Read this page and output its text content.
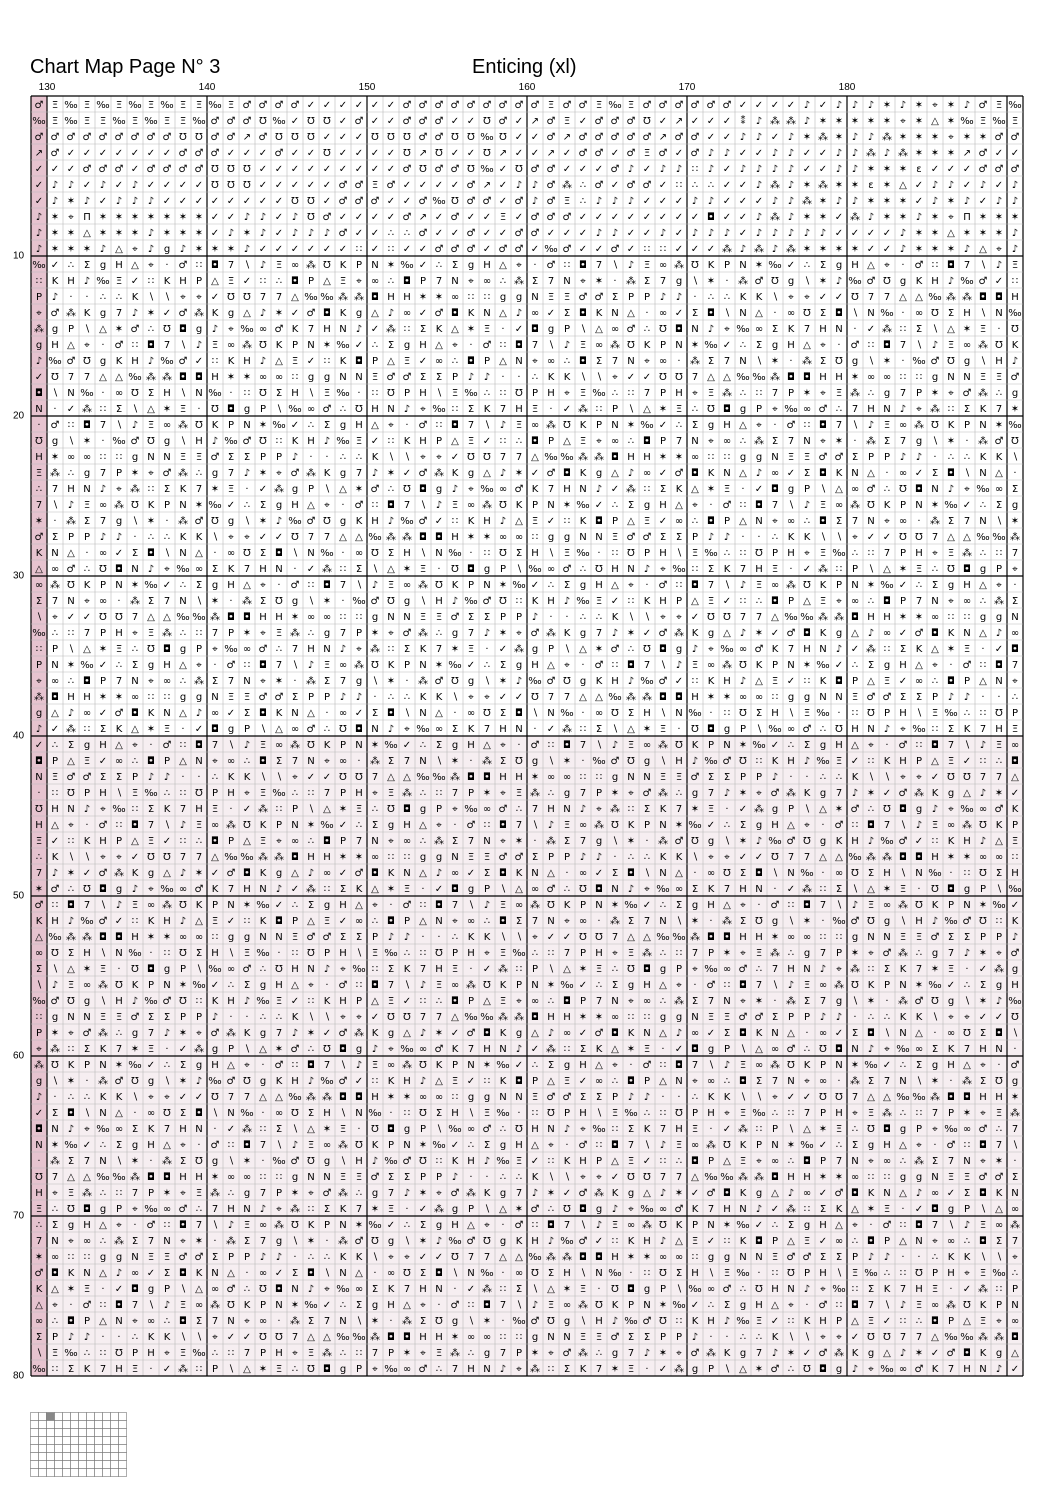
Chart Map Page N° 3	Enticing (xl)
130	140	150	160	170	180
10
20
30
40
50
60
70
80
♂ Ξ ‰ Ξ ‰ Ξ ‰ Ξ ‰ Ξ Ξ ‰ Ξ ♂ ♂ ♂ ♂ ✓ ✓ ✓ ✓ ✓ ✓ ♂ ♂ ♂ ♂ ♂ ♂ ♂ ♂ ♂ Ξ ♂ ♂ Ξ ‰ Ξ ♂ ♂ ♂ ♂ ♂ ♂ ✓ ✓ ✓ ✓ ♪ ✓ ♪ ♪ ♪ ✶ ♪ ✶ ⌖ ✶ ♪ ♂ Ξ ‰
‰ Ξ ‰ Ξ Ξ ‰ Ξ ‰ Ξ Ξ ‰ ♂ ♂ ♂ Ʊ ‰ ✓ Ʊ Ʊ ✓ ♂ ✓ ✓ ♂ ♂ ♂ ✓ ✓ Ʊ ♂ ✓ ↗ ♂ Ξ ✓ ♂ ♂ ♂ Ʊ ✓ ↗ ✓ ✓ ✓ ⁑ ♪ ⁂ ⁂ ♪ ✶ ✶ ✶ ✶ ✶ ⌖ ✶ △ ✶ ‰ Ξ ‰ Ξ
♂ ♂ ♂ ♂ ♂ ♂ ♂ ♂ ♂ Ʊ Ʊ ♂ ♂ ↗ ♂ Ʊ Ʊ Ʊ ✓ ✓ ✓ Ʊ Ʊ Ʊ ♂ ♂ Ʊ Ʊ ‰ Ʊ ✓ ✓ ♂ ↗ ♂ ♂ ♂ ♂ ♂ ↗ ♂ ♂ ✓ ✓ ♪ ♪ ✓ ♪ ✶ ⁂ ✶ ♪ ♪ ⁂ ✶ ✶ ✶ ⌖ ✶ ✶ ♂ ♂
↗ ♂ ✓ ✓ ✓ ✓ ✓ ✓ ✓ ♂ ♂ ♂ ✓ ✓ ✓ ♂ ✓ ✓ Ʊ ✓ ✓ ✓ ✓ Ʊ ↗ Ʊ ✓ ✓ Ʊ ↗ ✓ ✓ ↗ ✓ ♂ ♂ ✓ ♂ Ξ ♂ ✓ ♂ ♪ ♪ ✓ ✓ ♪ ♪ ✓ ✓ ♪ ♪ ⁂ ♪ ⁂ ✶ ✶ ✶ ↗ ♂ ✓ ✓
✓ ✓ ✓ ♂ ♂ ♂ ✓ ♂ ♂ ♂ ♂ Ʊ Ʊ Ʊ ✓ ✓ ✓ ✓ ✓ ✓ ✓ ✓ ✓ ♂ Ʊ ♂ ♂ Ʊ ‰ ✓ Ʊ ♂ ♂ ✓ ✓ ✓ ♂ ♪ ✓ ♪ ♪ ∷ ♪ ✓ ♪ ♪ ♪ ♪ ✓ ✓ ♪ ♪ ✶ ✶ ✶ ε ✓ ✓ ✓ ♂ ♂ ♂
✓ ♪ ♪ ✓ ♪ ✓ ♪ ✓ ✓ ✓ ✓ Ʊ Ʊ Ʊ ✓ ✓ ✓ ✓ ✓ ♂ ♂ Ξ ♂ ✓ ✓ ✓ ✓ ♂ ↗ ✓ ♪ ♪ ♂ ⁂ ∴ ♂ ✓ ♂ ♂ ✓ ∷ ∴ ∴ ✓ ✓ ♪ ⁂ ♪ ✶ ⁂ ✶ ✶ ε ✶ △ ✓ ♪ ♪ ✓ ♪ ✓ ♪
✓ ♪ ✶ ♪ ✓ ♪ ♪ ♪ ✓ ✓ ✓ ✓ ✓ ✓ ✓ ✓ Ʊ Ʊ ✓ ♂ ♂ ♂ ✓ ✓ ♂ ‰ Ʊ ♂ ♂ ✓ ♂ ♪ ♂ Ξ ∴ ♪ ♪ ♪ ✓ ✓ ✓ ♪ ♪ ✓ ✓ ✓ ♪ ♪ ⁂ ✶ ♪ ♪ ✶ ✶ ✶ ✓ ♪ ✶ ♪ ✓ ♪ ♪
♪ ✶ ⌖ Π ✶ ✶ ✶ ✶ ✶ ✶ ✶ ✓ ✓ ♪ ♪ ✓ ♪ Ʊ ♂ ✓ ✓ ✓ ✓ ♂ ↗ ✓ ♂ ✓ ✓ Ξ ✓ ♂ ♂ ♂ ✓ ✓ ✓ ✓ ✓ ✓ ✓ ✓ ◘ ✓ ✓ ♪ ⁂ ♪ ✶ ✶ ✓ ⁂ ♪ ✶ ✶ ♪ ✶ ⌖ Π ✶ ✶ ✶
♪ ✶ ✶ △ ✶ ✶ ✶ ♪ ✶ ✶ ✶ ✓ ♪ ✶ ♪ ✓ ♪ ♪ ♪ ♂ ✓ ✓ ∴ ∴ ♂ ✓ ✓ ♂ ✓ ✓ ♂ ♂ ✓ ✓ ✓ ♪ ♪ ✓ ✓ ♪ ✓ ♪ ♪ ♪ ✓ ♪ ♪ ♪ ♪ ♪ ✓ ✓ ✓ ✓ ♪ ✶ ✶ △ ✶ ✶ ✶ ♪
♪ ✶ ✶ ✶ ♪ △ ⌖ ♪ g ♪ ✶ ✶ ✶ ♪ ✓ ✓ ✓ ✓ ✓ ✓ ∷ ✓ ∷ ✓ ✓ ♂ ♂ ♂ ✓ ♂ ♂ ✓ ‰ ♂ ✓ ✓ ♂ ✓ ∷ ∷ ✓ ✓ ✓ ⁂ ♪ ⁂ ♪ ⁂ ✶ ✶ ✶ ✶ ✓ ✓ ♪ ✶ ✶ ✶ ♪ △ ⌖ ♪
‰ ✓ ∴ Σ g H △ ⌖ · ♂ ∷ ◘ 7 ∖ ♪ Ξ ∞ ⁂ Ʊ K P N ✶ ‰ ✓ ∴ Σ g H △ ⌖ · ♂ ∷ ◘ 7 ∖ ♪ Ξ ∞ ⁂ Ʊ K P N ✶ ‰ ✓ ∴ Σ g H △ ⌖ · ♂ ∷ ◘ 7 ∖ ♪ Ξ
∷ K H ♪ ‰ Ξ ✓ ∷ K H P △ Ξ ✓ ∷ ∴ ◘ P △ Ξ ⌖ ∞ ∴ ◘ P 7 N ⌖ ∞ ∴ ⁂ Σ 7 N ⌖ ✶ · ⁂ Σ 7 g ∖ ✶ · ⁂ ♂ Ʊ g ∖ ✶ ♪ ‰ ♂ Ʊ g K H ♪ ‰ ♂ ✓ ∷
P ♪ · · ∴ ∴ K ∖ ∖ ⌖ ⌖ ✓ Ʊ Ʊ 7 7 △ ‰ ‰ ⁂ ⁂ ◘ H H ✶ ✶ ∞ ∷ ∷ g g N Ξ Ξ ♂ ♂ Σ P P ♪ ♪ · ∴ ∴ K K ∖ ⌖ ⌖ ✓ ✓ Ʊ 7 7 △ △ ‰ ⁂ ⁂ ◘ ◘ H
⌖ ♂ ⁂ K g 7 ♪ ✶ ✓ ♂ ⁂ K g △ ♪ ✶ ✓ ♂ ◘ K g △ ♪ ∞ ✓ ♂ ◘ K N △ ♪ ∞ ✓ Σ ◘ K N △ · ∞ ✓ Σ ◘ ∖ N △ · ∞ Ʊ Σ ◘ ∖ N ‰ · ∞ Ʊ Σ H ∖ N ‰
⁂ g P ∖ △ ✶ ♂ ∴ Ʊ ◘ g ♪ ⌖ ‰ ∞ ♂ K 7 H N ♪ ✓ ⁂ ∷ Σ K △ ✶ Ξ · ✓ ◘ g P ∖ △ ∞ ♂ ∴ Ʊ ◘ N ♪ ⌖ ‰ ∞ Σ K 7 H N · ✓ ⁂ ∷ Σ ∖ △ ✶ Ξ · Ʊ
g H △ ⌖ · ♂ ∷ ◘ 7 ∖ ♪ Ξ ∞ ⁂ Ʊ K P N ✶ ‰ ✓ ∴ Σ g H △ ⌖ · ♂ ∷ ◘ 7 ∖ ♪ Ξ ∞ ⁂ Ʊ K P N ✶ ‰ ✓ ∴ Σ g H △ ⌖ · ♂ ∷ ◘ 7 ∖ ♪ Ξ ∞ ⁂ Ʊ K
♪ ‰ ♂ Ʊ g K H ♪ ‰ ♂ ✓ ∷ K H ♪ △ Ξ ✓ ∷ K ◘ P △ Ξ ✓ ∞ ∴ ◘ P △ N ⌖ ∞ ∴ ◘ Σ 7 N ⌖ ∞ · ⁂ Σ 7 N ∖ ✶ · ⁂ Σ Ʊ g ∖ ✶ · ‰ ♂ Ʊ g ∖ H ♪
✓ Ʊ 7 7 △ △ ‰ ⁂ ⁂ ◘ ◘ H ✶ ✶ ∞ ∞ ∷ g g N N Ξ ♂ ♂ Σ Σ P ♪ ♪ · · ∴ K K ∖ ∖ ⌖ ✓ ✓ Ʊ Ʊ 7 △ △ ‰ ‰ ⁂ ◘ ◘ H H ✶ ∞ ∞ ∷ ∷ g N N Ξ Ξ ♂
◘ ∖ N ‰ · ∞ Ʊ Σ H ∖ N ‰ · ∷ Ʊ Σ H ∖ Ξ ‰ · ∷ Ʊ P H ∖ Ξ ‰ ∴ ∷ Ʊ P H ⌖ Ξ ‰ ∴ ∷ 7 P H ⌖ Ξ ⁂ ∴ ∷ 7 P ✶ ⌖ Ξ ⁂ ∴ g 7 P ✶ ⌖ ♂ ⁂ ∴ g
N · ✓ ⁂ ∷ Σ ∖ △ ✶ Ξ · Ʊ ◘ g P ∖ ‰ ∞ ♂ ∴ Ʊ H N ♪ ⌖ ‰ ∷ Σ K 7 H Ξ · ✓ ⁂ ∷ P ∖ △ ✶ Ξ ∴ Ʊ ◘ g P ⌖ ‰ ∞ ♂ ∴ 7 H N ♪ ⌖ ⁂ ∷ Σ K 7 ✶
· ♂ ∷ ◘ 7 ∖ ♪ Ξ ∞ ⁂ Ʊ K P N ✶ ‰ ✓ ∴ Σ g H △ ⌖ · ♂ ∷ ◘ 7 ∖ ♪ Ξ ∞ ⁂ Ʊ K P N ✶ ‰ ✓ ∴ Σ g H △ ⌖ · ♂ ∷ ◘ 7 ∖ ♪ Ξ ∞ ⁂ Ʊ K P N ✶ ‰
Ʊ g ∖ ✶ · ‰ ♂ Ʊ g ∖ H ♪ ‰ ♂ Ʊ ∷ K H ♪ ‰ Ξ ✓ ∷ K H P △ Ξ ✓ ∷ ∴ ◘ P △ Ξ ⌖ ∞ ∴ ◘ P 7 N ⌖ ∞ ∴ ⁂ Σ 7 N ⌖ ✶ · ⁂ Σ 7 g ∖ ✶ · ⁂ ♂ Ʊ
H ✶ ∞ ∞ ∷ ∷ g N N Ξ Ξ ♂ Σ Σ P P ♪ · · ∴ ∴ K ∖ ∖ ⌖ ⌖ ✓ Ʊ Ʊ 7 7 △ ‰ ‰ ⁂ ⁂ ◘ H H ✶ ✶ ∞ ∷ ∷ g g N Ξ Ξ ♂ ♂ Σ P P ♪ ♪ · ∴ ∴ K K ∖
Ξ ⁂ ∴ g 7 P ✶ ⌖ ♂ ⁂ ∴ g 7 ♪ ✶ ⌖ ♂ ⁂ K g 7 ♪ ✶ ✓ ♂ ⁂ K g △ ♪ ✶ ✓ ♂ ◘ K g △ ♪ ∞ ✓ ♂ ◘ K N △ ♪ ∞ ✓ Σ ◘ K N △ · ∞ ✓ Σ ◘ ∖ N △ ·
∴ 7 H N ♪ ⌖ ⁂ ∷ Σ K 7 ✶ Ξ · ✓ ⁂ g P ∖ △ ✶ ♂ ∴ Ʊ ◘ g ♪ ⌖ ‰ ∞ ♂ K 7 H N ♪ ✓ ⁂ ∷ Σ K △ ✶ Ξ · ✓ ◘ g P ∖ △ ∞ ♂ ∴ Ʊ ◘ N ♪ ⌖ ‰ ∞ Σ
7 ∖ ♪ Ξ ∞ ⁂ Ʊ K P N ✶ ‰ ✓ ∴ Σ g H △ ⌖ · ♂ ∷ ◘ 7 ∖ ♪ Ξ ∞ ⁂ Ʊ K P N ✶ ‰ ✓ ∴ Σ g H △ ⌖ · ♂ ∷ ◘ 7 ∖ ♪ Ξ ∞ ⁂ Ʊ K P N ✶ ‰ ✓ ∴ Σ g
✶ · ⁂ Σ 7 g ∖ ✶ · ⁂ ♂ Ʊ g ∖ ✶ ♪ ‰ ♂ Ʊ g K H ♪ ‰ ♂ ✓ ∷ K H ♪ △ Ξ ✓ ∷ K ◘ P △ Ξ ✓ ∞ ∴ ◘ P △ N ⌖ ∞ ∴ ◘ Σ 7 N ⌖ ∞ · ⁂ Σ 7 N ∖ ✶
♂ Σ P P ♪ ♪ · ∴ ∴ K K ∖ ⌖ ⌖ ✓ ✓ Ʊ 7 7 △ △ ‰ ⁂ ⁂ ◘ ◘ H ✶ ✶ ∞ ∞ ∷ g g N N Ξ ♂ ♂ Σ Σ P ♪ ♪ · · ∴ K K ∖ ∖ ⌖ ✓ ✓ Ʊ Ʊ 7 △ △ ‰ ‰ ⁂
K N △ · ∞ ✓ Σ ◘ ∖ N △ · ∞ Ʊ Σ ◘ ∖ N ‰ · ∞ Ʊ Σ H ∖ N ‰ · ∷ Ʊ Σ H ∖ Ξ ‰ · ∷ Ʊ P H ∖ Ξ ‰ ∴ ∷ Ʊ P H ⌖ Ξ ‰ ∴ ∷ 7 P H ⌖ Ξ ⁂ ∴ ∷ 7
△ ∞ ♂ ∴ Ʊ ◘ N ♪ ⌖ ‰ ∞ Σ K 7 H N · ✓ ⁂ ∷ Σ ∖ △ ✶ Ξ · Ʊ ◘ g P ∖ ‰ ∞ ♂ ∴ Ʊ H N ♪ ⌖ ‰ ∷ Σ K 7 H Ξ · ✓ ⁂ ∷ P ∖ △ ✶ Ξ ∴ Ʊ ◘ g P ⌖
∞ ⁂ Ʊ K P N ✶ ‰ ✓ ∴ Σ g H △ ⌖ · ♂ ∷ ◘ 7 ∖ ♪ Ξ ∞ ⁂ Ʊ K P N ✶ ‰ ✓ ∴ Σ g H △ ⌖ · ♂ ∷ ◘ 7 ∖ ♪ Ξ ∞ ⁂ Ʊ K P N ✶ ‰ ✓ ∴ Σ g H △ ⌖ ·
Σ 7 N ⌖ ∞ · ⁂ Σ 7 N ∖ ✶ · ⁂ Σ Ʊ g ∖ ✶ · ‰ ♂ Ʊ g ∖ H ♪ ‰ ♂ Ʊ ∷ K H ♪ ‰ Ξ ✓ ∷ K H P △ Ξ ✓ ∷ ∴ ◘ P △ Ξ ⌖ ∞ ∴ ◘ P 7 N ⌖ ∞ ∴ ⁂ Σ
∖ ⌖ ✓ ✓ Ʊ Ʊ 7 △ △ ‰ ‰ ⁂ ◘ ◘ H H ✶ ∞ ∞ ∷ ∷ g N N Ξ Ξ ♂ Σ Σ P P ♪ · · ∴ ∴ K ∖ ∖ ⌖ ⌖ ✓ Ʊ Ʊ 7 7 △ ‰ ‰ ⁂ ⁂ ◘ H H ✶ ✶ ∞ ∷ ∷ g g N
‰ ∴ ∷ 7 P H ⌖ Ξ ⁂ ∴ ∷ 7 P ✶ ⌖ Ξ ⁂ ∴ g 7 P ✶ ⌖ ♂ ⁂ ∴ g 7 ♪ ✶ ⌖ ♂ ⁂ K g 7 ♪ ✶ ✓ ♂ ⁂ K g △ ♪ ✶ ✓ ♂ ◘ K g △ ♪ ∞ ✓ ♂ ◘ K N △ ♪ ∞
∷ P ∖ △ ✶ Ξ ∴ Ʊ ◘ g P ⌖ ‰ ∞ ♂ ∴ 7 H N ♪ ⌖ ⁂ ∷ Σ K 7 ✶ Ξ · ✓ ⁂ g P ∖ △ ✶ ♂ ∴ Ʊ ◘ g ♪ ⌖ ‰ ∞ ♂ K 7 H N ♪ ✓ ⁂ ∷ Σ K △ ✶ Ξ · ✓ ◘
P N ✶ ‰ ✓ ∴ Σ g H △ ⌖ · ♂ ∷ ◘ 7 ∖ ♪ Ξ ∞ ⁂ Ʊ K P N ✶ ‰ ✓ ∴ Σ g H △ ⌖ · ♂ ∷ ◘ 7 ∖ ♪ Ξ ∞ ⁂ Ʊ K P N ✶ ‰ ✓ ∴ Σ g H △ ⌖ · ♂ ∷ ◘ 7
⌖ ∞ ∴ ◘ P 7 N ⌖ ∞ ∴ ⁂ Σ 7 N ⌖ ✶ · ⁂ Σ 7 g ∖ ✶ · ⁂ ♂ Ʊ g ∖ ✶ ♪ ‰ ♂ Ʊ g K H ♪ ‰ ♂ ✓ ∷ K H ♪ △ Ξ ✓ ∷ K ◘ P △ Ξ ✓ ∞ ∴ ◘ P △ N ⌖
⁂ ◘ H H ✶ ✶ ∞ ∷ ∷ g g N Ξ Ξ ♂ ♂ Σ P P ♪ ♪ · ∴ ∴ K K ∖ ⌖ ⌖ ✓ ✓ Ʊ 7 7 △ △ ‰ ⁂ ⁂ ◘ ◘ H ✶ ✶ ∞ ∞ ∷ g g N N Ξ ♂ ♂ Σ Σ P ♪ ♪ · · ∴
g △ ♪ ∞ ✓ ♂ ◘ K N △ ♪ ∞ ✓ Σ ◘ K N △ · ∞ ✓ Σ ◘ ∖ N △ · ∞ Ʊ Σ ◘ ∖ N ‰ · ∞ Ʊ Σ H ∖ N ‰ · ∷ Ʊ Σ H ∖ Ξ ‰ · ∷ Ʊ P H ∖ Ξ ‰ ∴ ∷ Ʊ P
♪ ✓ ⁂ ∷ Σ K △ ✶ Ξ · ✓ ◘ g P ∖ △ ∞ ♂ ∴ Ʊ ◘ N ♪ ⌖ ‰ ∞ Σ K 7 H N · ✓ ⁂ ∷ Σ ∖ △ ✶ Ξ · Ʊ ◘ g P ∖ ‰ ∞ ♂ ∴ Ʊ H N ♪ ⌖ ‰ ∷ Σ K 7 H Ξ
✓ ∴ Σ g H △ ⌖ · ♂ ∷ ◘ 7 ∖ ♪ Ξ ∞ ⁂ Ʊ K P N ✶ ‰ ✓ ∴ Σ g H △ ⌖ · ♂ ∷ ◘ 7 ∖ ♪ Ξ ∞ ⁂ Ʊ K P N ✶ ‰ ✓ ∴ Σ g H △ ⌖ · ♂ ∷ ◘ 7 ∖ ♪ Ξ ∞
◘ P △ Ξ ✓ ∞ ∴ ◘ P △ N ⌖ ∞ ∴ ◘ Σ 7 N ⌖ ∞ · ⁂ Σ 7 N ∖ ✶ · ⁂ Σ Ʊ g ∖ ✶ · ‰ ♂ Ʊ g ∖ H ♪ ‰ ♂ Ʊ ∷ K H ♪ ‰ Ξ ✓ ∷ K H P △ Ξ ✓ ∷ ∴ ◘
N Ξ ♂ ♂ Σ Σ P ♪ ♪ · · ∴ K K ∖ ∖ ⌖ ✓ ✓ Ʊ Ʊ 7 △ △ ‰ ‰ ⁂ ◘ ◘ H H ✶ ∞ ∞ ∷ ∷ g N N Ξ Ξ ♂ Σ Σ P P ♪ · · ∴ ∴ K ∖ ∖ ⌖ ⌖ ✓ Ʊ Ʊ 7 7 △
· ∷ Ʊ P H ∖ Ξ ‰ ∴ ∷ Ʊ P H ⌖ Ξ ‰ ∴ ∷ 7 P H ⌖ Ξ ⁂ ∴ ∷ 7 P ✶ ⌖ Ξ ⁂ ∴ g 7 P ✶ ⌖ ♂ ⁂ ∴ g 7 ♪ ✶ ⌖ ♂ ⁂ K g 7 ♪ ✶ ✓ ♂ ⁂ K g △ ♪ ✶ ✓
Ʊ H N ♪ ⌖ ‰ ∷ Σ K 7 H Ξ · ✓ ⁂ ∷ P ∖ △ ✶ Ξ ∴ Ʊ ◘ g P ⌖ ‰ ∞ ♂ ∴ 7 H N ♪ ⌖ ⁂ ∷ Σ K 7 ✶ Ξ · ✓ ⁂ g P ∖ △ ✶ ♂ ∴ Ʊ ◘ g ♪ ⌖ ‰ ∞ ♂ K
H △ ⌖ · ♂ ∷ ◘ 7 ∖ ♪ Ξ ∞ ⁂ Ʊ K P N ✶ ‰ ✓ ∴ Σ g H △ ⌖ · ♂ ∷ ◘ 7 ∖ ♪ Ξ ∞ ⁂ Ʊ K P N ✶ ‰ ✓ ∴ Σ g H △ ⌖ · ♂ ∷ ◘ 7 ∖ ♪ Ξ ∞ ⁂ Ʊ K P
Ξ ✓ ∷ K H P △ Ξ ✓ ∷ ∴ ◘ P △ Ξ ⌖ ∞ ∴ ◘ P 7 N ⌖ ∞ ∴ ⁂ Σ 7 N ⌖ ✶ · ⁂ Σ 7 g ∖ ✶ · ⁂ ♂ Ʊ g ∖ ✶ ♪ ‰ ♂ Ʊ g K H ♪ ‰ ♂ ✓ ∷ K H ♪ △ Ξ
∴ K ∖ ∖ ⌖ ⌖ ✓ Ʊ Ʊ 7 7 △ ‰ ‰ ⁂ ⁂ ◘ H H ✶ ✶ ∞ ∷ ∷ g g N Ξ Ξ ♂ ♂ Σ P P ♪ ♪ · ∴ ∴ K K ∖ ⌖ ⌖ ✓ ✓ Ʊ 7 7 △ △ ‰ ⁂ ⁂ ◘ ◘ H ✶ ✶ ∞ ∞ ∷
7 ♪ ✶ ✓ ♂ ⁂ K g △ ♪ ✶ ✓ ♂ ◘ K g △ ♪ ∞ ✓ ♂ ◘ K N △ ♪ ∞ ✓ Σ ◘ K N △ · ∞ ✓ Σ ◘ ∖ N △ · ∞ Ʊ Σ ◘ ∖ N ‰ · ∞ Ʊ Σ H ∖ N ‰ · ∷ Ʊ Σ H
✶ ♂ ∴ Ʊ ◘ g ♪ ⌖ ‰ ∞ ♂ K 7 H N ♪ ✓ ⁂ ∷ Σ K △ ✶ Ξ · ✓ ◘ g P ∖ △ ∞ ♂ ∴ Ʊ ◘ N ♪ ⌖ ‰ ∞ Σ K 7 H N · ✓ ⁂ ∷ Σ ∖ △ ✶ Ξ · Ʊ ◘ g P ∖ ‰
♂ ∷ ◘ 7 ∖ ♪ Ξ ∞ ⁂ Ʊ K P N ✶ ‰ ✓ ∴ Σ g H △ ⌖ · ♂ ∷ ◘ 7 ∖ ♪ Ξ ∞ ⁂ Ʊ K P N ✶ ‰ ✓ ∴ Σ g H △ ⌖ · ♂ ∷ ◘ 7 ∖ ♪ Ξ ∞ ⁂ Ʊ K P N ✶ ‰ ✓
K H ♪ ‰ ♂ ✓ ∷ K H ♪ △ Ξ ✓ ∷ K ◘ P △ Ξ ✓ ∞ ∴ ◘ P △ N ⌖ ∞ ∴ ◘ Σ 7 N ⌖ ∞ · ⁂ Σ 7 N ∖ ✶ · ⁂ Σ Ʊ g ∖ ✶ · ‰ ♂ Ʊ g ∖ H ♪ ‰ ♂ Ʊ ∷ K
△ ‰ ⁂ ⁂ ◘ ◘ H ✶ ✶ ∞ ∞ ∷ g g N N Ξ ♂ ♂ Σ Σ P ♪ ♪ · · ∴ K K ∖ ∖ ⌖ ✓ ✓ Ʊ Ʊ 7 △ △ ‰ ‰ ⁂ ◘ ◘ H H ✶ ∞ ∞ ∷ ∷ g N N Ξ Ξ ♂ Σ Σ P P ♪
∞ Ʊ Σ H ∖ N ‰ · ∷ Ʊ Σ H ∖ Ξ ‰ · ∷ Ʊ P H ∖ Ξ ‰ ∴ ∷ Ʊ P H ⌖ Ξ ‰ ∴ ∷ 7 P H ⌖ Ξ ⁂ ∴ ∷ 7 P ✶ ⌖ Ξ ⁂ ∴ g 7 P ✶ ⌖ ♂ ⁂ ∴ g 7 ♪ ✶ ⌖ ♂
Σ ∖ △ ✶ Ξ · Ʊ ◘ g P ∖ ‰ ∞ ♂ ∴ Ʊ H N ♪ ⌖ ‰ ∷ Σ K 7 H Ξ · ✓ ⁂ ∷ P ∖ △ ✶ Ξ ∴ Ʊ ◘ g P ⌖ ‰ ∞ ♂ ∴ 7 H N ♪ ⌖ ⁂ ∷ Σ K 7 ✶ Ξ · ✓ ⁂ g
∖ ♪ Ξ ∞ ⁂ Ʊ K P N ✶ ‰ ✓ ∴ Σ g H △ ⌖ · ♂ ∷ ◘ 7 ∖ ♪ Ξ ∞ ⁂ Ʊ K P N ✶ ‰ ✓ ∴ Σ g H △ ⌖ · ♂ ∷ ◘ 7 ∖ ♪ Ξ ∞ ⁂ Ʊ K P N ✶ ‰ ✓ ∴ Σ g H
‰ ♂ Ʊ g ∖ H ♪ ‰ ♂ Ʊ ∷ K H ♪ ‰ Ξ ✓ ∷ K H P △ Ξ ✓ ∷ ∴ ◘ P △ Ξ ⌖ ∞ ∴ ◘ P 7 N ⌖ ∞ ∴ ⁂ Σ 7 N ⌖ ✶ · ⁂ Σ 7 g ∖ ✶ · ⁂ ♂ Ʊ g ∖ ✶ ♪ ‰
∷ g N N Ξ Ξ ♂ Σ Σ P P ♪ · · ∴ ∴ K ∖ ∖ ⌖ ⌖ ✓ Ʊ Ʊ 7 7 △ ‰ ‰ ⁂ ⁂ ◘ H H ✶ ✶ ∞ ∷ ∷ g g N Ξ Ξ ♂ ♂ Σ P P ♪ ♪ · ∴ ∴ K K ∖ ⌖ ⌖ ✓ ✓ Ʊ
P ✶ ⌖ ♂ ⁂ ∴ g 7 ♪ ✶ ⌖ ♂ ⁂ K g 7 ♪ ✶ ✓ ♂ ⁂ K g △ ♪ ✶ ✓ ♂ ◘ K g △ ♪ ∞ ✓ ♂ ◘ K N △ ♪ ∞ ✓ Σ ◘ K N △ · ∞ ✓ Σ ◘ ∖ N △ · ∞ Ʊ Σ ◘ ∖
⌖ ⁂ ∷ Σ K 7 ✶ Ξ · ✓ ⁂ g P ∖ △ ✶ ♂ ∴ Ʊ ◘ g ♪ ⌖ ‰ ∞ ♂ K 7 H N ♪ ✓ ⁂ ∷ Σ K △ ✶ Ξ · ✓ ◘ g P ∖ △ ∞ ♂ ∴ Ʊ ◘ N ♪ ⌖ ‰ ∞ Σ K 7 H N ·
⁂ Ʊ K P N ✶ ‰ ✓ ∴ Σ g H △ ⌖ · ♂ ∷ ◘ 7 ∖ ♪ Ξ ∞ ⁂ Ʊ K P N ✶ ‰ ✓ ∴ Σ g H △ ⌖ · ♂ ∷ ◘ 7 ∖ ♪ Ξ ∞ ⁂ Ʊ K P N ✶ ‰ ✓ ∴ Σ g H △ ⌖ · ♂
g ∖ ✶ · ⁂ ♂ Ʊ g ∖ ✶ ♪ ‰ ♂ Ʊ g K H ♪ ‰ ♂ ✓ ∷ K H ♪ △ Ξ ✓ ∷ K ◘ P △ Ξ ✓ ∞ ∴ ◘ P △ N ⌖ ∞ ∴ ◘ Σ 7 N ⌖ ∞ · ⁂ Σ 7 N ∖ ✶ · ⁂ Σ Ʊ g
♪ · ∴ ∴ K K ∖ ⌖ ⌖ ✓ ✓ Ʊ 7 7 △ △ ‰ ⁂ ⁂ ◘ ◘ H ✶ ✶ ∞ ∞ ∷ g g N N Ξ ♂ ♂ Σ Σ P ♪ ♪ · · ∴ K K ∖ ∖ ⌖ ✓ ✓ Ʊ Ʊ 7 △ △ ‰ ‰ ⁂ ◘ ◘ H H ✶
✓ Σ ◘ ∖ N △ · ∞ Ʊ Σ ◘ ∖ N ‰ · ∞ Ʊ Σ H ∖ N ‰ · ∷ Ʊ Σ H ∖ Ξ ‰ · ∷ Ʊ P H ∖ Ξ ‰ ∴ ∷ Ʊ P H ⌖ Ξ ‰ ∴ ∷ 7 P H ⌖ Ξ ⁂ ∴ ∷ 7 P ✶ ⌖ Ξ ⁂
◘ N ♪ ⌖ ‰ ∞ Σ K 7 H N · ✓ ⁂ ∷ Σ ∖ △ ✶ Ξ · Ʊ ◘ g P ∖ ‰ ∞ ♂ ∴ Ʊ H N ♪ ⌖ ‰ ∷ Σ K 7 H Ξ · ✓ ⁂ ∷ P ∖ △ ✶ Ξ ∴ Ʊ ◘ g P ⌖ ‰ ∞ ♂ ∴ 7
N ✶ ‰ ✓ ∴ Σ g H △ ⌖ · ♂ ∷ ◘ 7 ∖ ♪ Ξ ∞ ⁂ Ʊ K P N ✶ ‰ ✓ ∴ Σ g H △ ⌖ · ♂ ∷ ◘ 7 ∖ ♪ Ξ ∞ ⁂ Ʊ K P N ✶ ‰ ✓ ∴ Σ g H △ ⌖ · ♂ ∷ ◘ 7 ∖
· ⁂ Σ 7 N ∖ ✶ · ⁂ Σ Ʊ g ∖ ✶ · ‰ ♂ Ʊ g ∖ H ♪ ‰ ♂ Ʊ ∷ K H ♪ ‰ Ξ ✓ ∷ K H P △ Ξ ✓ ∷ ∴ ◘ P △ Ξ ⌖ ∞ ∴ ◘ P 7 N ⌖ ∞ ∴ ⁂ Σ 7 N ⌖ ✶ ·
Ʊ 7 △ △ ‰ ‰ ⁂ ◘ ◘ H H ✶ ∞ ∞ ∷ ∷ g N N Ξ Ξ ♂ Σ Σ P P ♪ · · ∴ ∴ K ∖ ∖ ⌖ ⌖ ✓ Ʊ Ʊ 7 7 △ ‰ ‰ ⁂ ⁂ ◘ H H ✶ ✶ ∞ ∷ ∷ g g N Ξ Ξ ♂ ♂ Σ
H ⌖ Ξ ⁂ ∴ ∷ 7 P ✶ ⌖ Ξ ⁂ ∴ g 7 P ✶ ⌖ ♂ ⁂ ∴ g 7 ♪ ✶ ⌖ ♂ ⁂ K g 7 ♪ ✶ ✓ ♂ ⁂ K g △ ♪ ✶ ✓ ♂ ◘ K g △ ♪ ∞ ✓ ♂ ◘ K N △ ♪ ∞ ✓ Σ ◘ K N
Ξ ∴ Ʊ ◘ g P ⌖ ‰ ∞ ♂ ∴ 7 H N ♪ ⌖ ⁂ ∷ Σ K 7 ✶ Ξ · ✓ ⁂ g P ∖ △ ✶ ♂ ∴ Ʊ ◘ g ♪ ⌖ ‰ ∞ ♂ K 7 H N ♪ ✓ ⁂ ∷ Σ K △ ✶ Ξ · ✓ ◘ g P ∖ △ ∞
∴ Σ g H △ ⌖ · ♂ ∷ ◘ 7 ∖ ♪ Ξ ∞ ⁂ Ʊ K P N ✶ ‰ ✓ ∴ Σ g H △ ⌖ · ♂ ∷ ◘ 7 ∖ ♪ Ξ ∞ ⁂ Ʊ K P N ✶ ‰ ✓ ∴ Σ g H △ ⌖ · ♂ ∷ ◘ 7 ∖ ♪ Ξ ∞ ⁂
7 N ⌖ ∞ ∴ ⁂ Σ 7 N ⌖ ✶ · ⁂ Σ 7 g ∖ ✶ · ⁂ ♂ Ʊ g ∖ ✶ ♪ ‰ ♂ Ʊ g K H ♪ ‰ ♂ ✓ ∷ K H ♪ △ Ξ ✓ ∷ K ◘ P △ Ξ ✓ ∞ ∴ ◘ P △ N ⌖ ∞ ∴ ◘ Σ 7
✶ ∞ ∷ ∷ g g N Ξ Ξ ♂ ♂ Σ P P ♪ ♪ · ∴ ∴ K K ∖ ⌖ ⌖ ✓ ✓ Ʊ 7 7 △ △ ‰ ⁂ ⁂ ◘ ◘ H ✶ ✶ ∞ ∞ ∷ g g N N Ξ ♂ ♂ Σ Σ P ♪ ♪ · · ∴ K K ∖ ∖ ⌖
♂ ◘ K N △ ♪ ∞ ✓ Σ ◘ K N △ · ∞ ✓ Σ ◘ ∖ N △ · ∞ Ʊ Σ ◘ ∖ N ‰ · ∞ Ʊ Σ H ∖ N ‰ · ∷ Ʊ Σ H ∖ Ξ ‰ · ∷ Ʊ P H ∖ Ξ ‰ ∴ ∷ Ʊ P H ⌖ Ξ ‰ ∴
K △ ✶ Ξ · ✓ ◘ g P ∖ △ ∞ ♂ ∴ Ʊ ◘ N ♪ ⌖ ‰ ∞ Σ K 7 H N · ✓ ⁂ ∷ Σ ∖ △ ✶ Ξ · Ʊ ◘ g P ∖ ‰ ∞ ♂ ∴ Ʊ H N ♪ ⌖ ‰ ∷ Σ K 7 H Ξ · ✓ ⁂ ∷ P
△ ⌖ · ♂ ∷ ◘ 7 ∖ ♪ Ξ ∞ ⁂ Ʊ K P N ✶ ‰ ✓ ∴ Σ g H △ ⌖ · ♂ ∷ ◘ 7 ∖ ♪ Ξ ∞ ⁂ Ʊ K P N ✶ ‰ ✓ ∴ Σ g H △ ⌖ · ♂ ∷ ◘ 7 ∖ ♪ Ξ ∞ ⁂ Ʊ K P N
∞ ∴ ◘ P △ N ⌖ ∞ ∴ ◘ Σ 7 N ⌖ ∞ · ⁂ Σ 7 N ∖ ✶ · ⁂ Σ Ʊ g ∖ ✶ · ‰ ♂ Ʊ g ∖ H ♪ ‰ ♂ Ʊ ∷ K H ♪ ‰ Ξ ✓ ∷ K H P △ Ξ ✓ ∷ ∴ ◘ P △ Ξ ⌖ ∞
Σ P ♪ ♪ · · ∴ K K ∖ ∖ ⌖ ✓ ✓ Ʊ Ʊ 7 △ △ ‰ ‰ ⁂ ◘ ◘ H H ✶ ∞ ∞ ∷ ∷ g N N Ξ Ξ ♂ Σ Σ P P ♪ · · ∴ ∴ K ∖ ∖ ⌖ ⌖ ✓ Ʊ Ʊ 7 7 △ ‰ ‰ ⁂ ⁂ ◘
∖ Ξ ‰ ∴ ∷ Ʊ P H ⌖ Ξ ‰ ∴ ∷ 7 P H ⌖ Ξ ⁂ ∴ ∷ 7 P ✶ ⌖ Ξ ⁂ ∴ g 7 P ✶ ⌖ ♂ ⁂ ∴ g 7 ♪ ✶ ⌖ ♂ ⁂ K g 7 ♪ ✶ ✓ ♂ ⁂ K g △ ♪ ✶ ✓ ♂ ◘ K g △
‰ ∷ Σ K 7 H Ξ · ✓ ⁂ ∷ P ∖ △ ✶ Ξ ∴ Ʊ ◘ g P ⌖ ‰ ∞ ♂ ∴ 7 H N ♪ ⌖ ⁂ ∷ Σ K 7 ✶ Ξ · ✓ ⁂ g P ∖ △ ✶ ♂ ∴ Ʊ ◘ g ♪ ⌖ ‰ ∞ ♂ K 7 H N ♪ ✓
